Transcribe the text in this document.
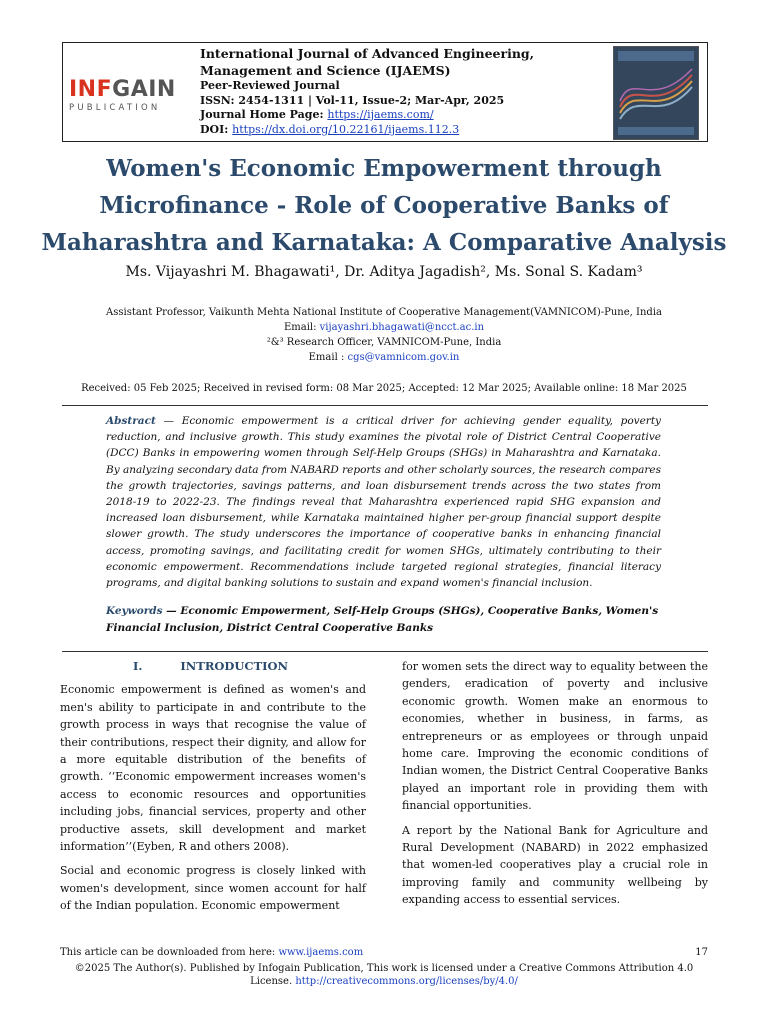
INFGAIN
PUBLICATION
International Journal of Advanced Engineering, Management and Science (IJAEMS)
Peer-Reviewed Journal
ISSN: 2454-1311 | Vol-11, Issue-2; Mar-Apr, 2025
Journal Home Page: https://ijaems.com/
DOI: https://dx.doi.org/10.22161/ijaems.112.3
Women's Economic Empowerment through Microfinance - Role of Cooperative Banks of Maharashtra and Karnataka: A Comparative Analysis
Ms. Vijayashri M. Bhagawati¹, Dr. Aditya Jagadish², Ms. Sonal S. Kadam³
Assistant Professor, Vaikunth Mehta National Institute of Cooperative Management(VAMNICOM)-Pune, India
Email: vijayashri.bhagawati@ncct.ac.in
²&³ Research Officer, VAMNICOM-Pune, India
Email : cgs@vamnicom.gov.in
Received: 05 Feb 2025; Received in revised form: 08 Mar 2025; Accepted: 12 Mar 2025; Available online: 18 Mar 2025
Abstract — Economic empowerment is a critical driver for achieving gender equality, poverty reduction, and inclusive growth. This study examines the pivotal role of District Central Cooperative (DCC) Banks in empowering women through Self-Help Groups (SHGs) in Maharashtra and Karnataka. By analyzing secondary data from NABARD reports and other scholarly sources, the research compares the growth trajectories, savings patterns, and loan disbursement trends across the two states from 2018-19 to 2022-23. The findings reveal that Maharashtra experienced rapid SHG expansion and increased loan disbursement, while Karnataka maintained higher per-group financial support despite slower growth. The study underscores the importance of cooperative banks in enhancing financial access, promoting savings, and facilitating credit for women SHGs, ultimately contributing to their economic empowerment. Recommendations include targeted regional strategies, financial literacy programs, and digital banking solutions to sustain and expand women's financial inclusion.
Keywords — Economic Empowerment, Self-Help Groups (SHGs), Cooperative Banks, Women's Financial Inclusion, District Central Cooperative Banks
I.	INTRODUCTION

Economic empowerment is defined as women's and men's ability to participate in and contribute to the growth process in ways that recognise the value of their contributions, respect their dignity, and allow for a more equitable distribution of the benefits of growth. ‘‘Economic empowerment increases women's access to economic resources and opportunities including jobs, financial services, property and other productive assets, skill development and market information’’(Eyben, R and others 2008).

Social and economic progress is closely linked with women's development, since women account for half of the Indian population. Economic empowerment

for women sets the direct way to equality between the genders, eradication of poverty and inclusive economic growth. Women make an enormous to economies, whether in business, in farms, as entrepreneurs or as employees or through unpaid home care. Improving the economic conditions of Indian women, the District Central Cooperative Banks played an important role in providing them with financial opportunities.

A report by the National Bank for Agriculture and Rural Development (NABARD) in 2022 emphasized that women-led cooperatives play a crucial role in improving family and community wellbeing by expanding access to essential services.

This article can be downloaded from here: www.ijaems.com	17
©2025 The Author(s). Published by Infogain Publication, This work is licensed under a Creative Commons Attribution 4.0 License. http://creativecommons.org/licenses/by/4.0/
